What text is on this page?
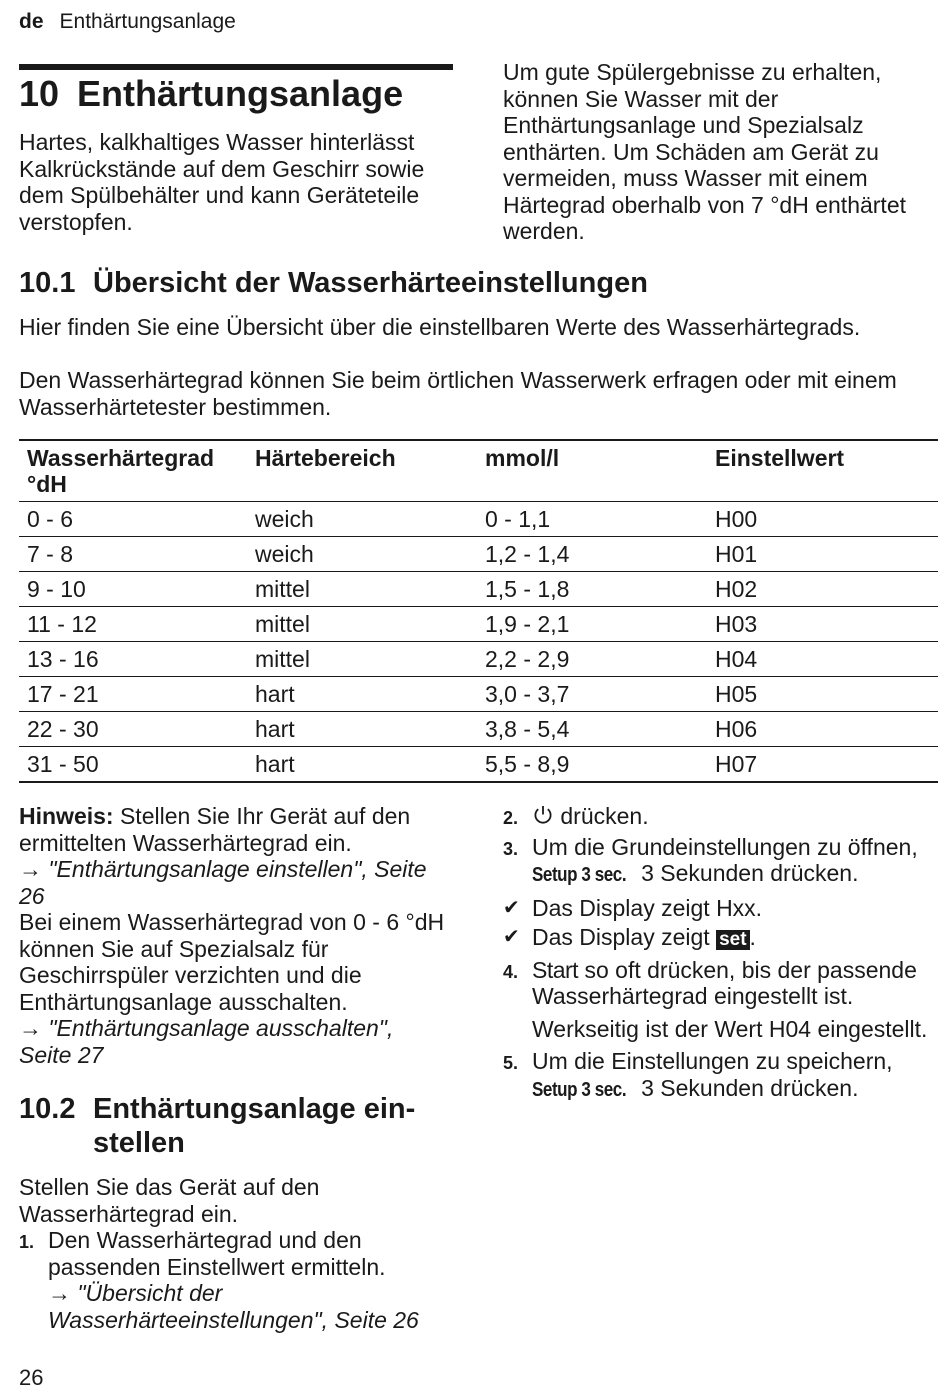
de Enthärtungsanlage
10 Enthärtungsanlage

Hartes, kalkhaltiges Wasser hinterlässt Kalkrückstände auf dem Geschirr sowie dem Spülbehälter und kann Geräteteile verstopfen.

Um gute Spülergebnisse zu erhalten, können Sie Wasser mit der Enthärtungsanlage und Spezialsalz enthärten. Um Schäden am Gerät zu vermeiden, muss Wasser mit einem Härtegrad oberhalb von 7 °dH enthärtet werden.

10.1 Übersicht der Wasserhärteeinstellungen

Hier finden Sie eine Übersicht über die einstellbaren Werte des Wasserhärtegrads.

Den Wasserhärtegrad können Sie beim örtlichen Wasserwerk erfragen oder mit einem Wasserhärtetester bestimmen.

Wasserhärtegrad °dH	Härtebereich	mmol/l	Einstellwert
0 - 6	weich	0 - 1,1	H00
7 - 8	weich	1,2 - 1,4	H01
9 - 10	mittel	1,5 - 1,8	H02
11 - 12	mittel	1,9 - 2,1	H03
13 - 16	mittel	2,2 - 2,9	H04
17 - 21	hart	3,0 - 3,7	H05
22 - 30	hart	3,8 - 5,4	H06
31 - 50	hart	5,5 - 8,9	H07

Hinweis: Stellen Sie Ihr Gerät auf den ermittelten Wasserhärtegrad ein.

→ "Enthärtungsanlage einstellen", Seite 26

Bei einem Wasserhärtegrad von 0 - 6 °dH können Sie auf Spezialsalz für Geschirrspüler verzichten und die Enthärtungsanlage ausschalten.

→ "Enthärtungsanlage ausschalten", Seite 27

10.2 Enthärtungsanlage ein-
stellen

Stellen Sie das Gerät auf den Wasserhärtegrad ein.

1. Den Wasserhärtegrad und den passenden Einstellwert ermitteln.

→ "Übersicht der Wasserhärteeinstellungen", Seite 26

2.	drücken.

3. Um die Grundeinstellungen zu öffnen, Setup 3 sec. 3 Sekunden drücken.

✔ Das Display zeigt Hxx.

✔ Das Display zeigt set .

4. Start so oft drücken, bis der passende Wasserhärtegrad eingestellt ist.

Werkseitig ist der Wert H04 eingestellt.

5. Um die Einstellungen zu speichern, Setup 3 sec. 3 Sekunden drücken.

26
